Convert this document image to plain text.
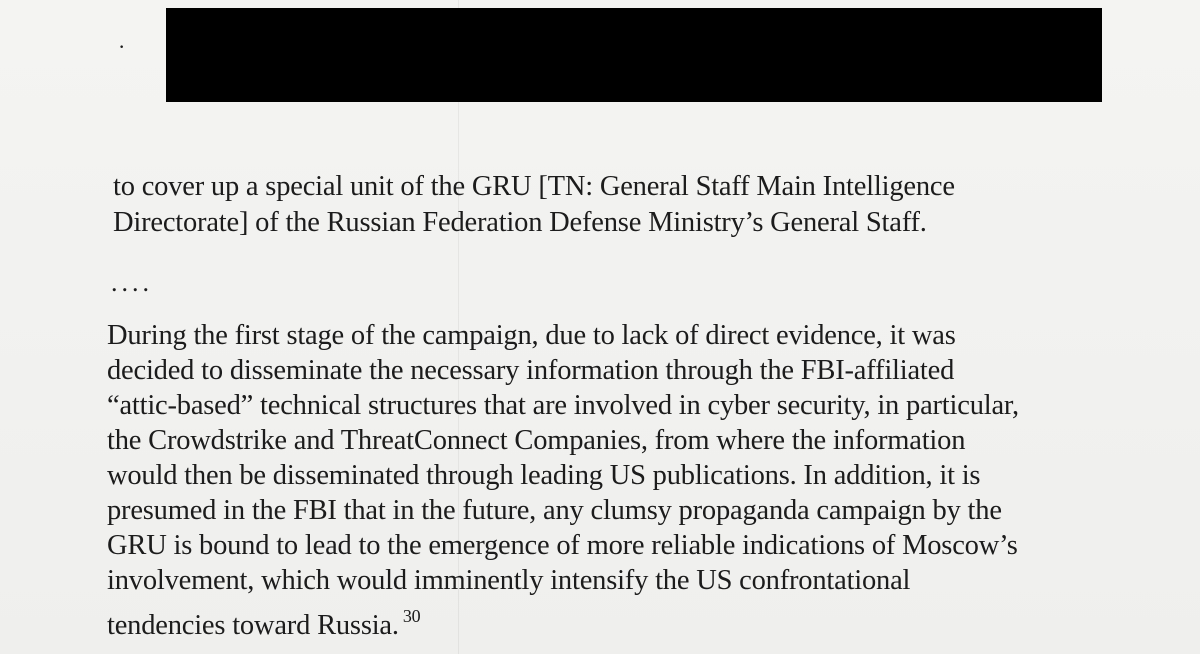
·
to cover up a special unit of the GRU [TN: General Staff Main Intelligence
Directorate] of the Russian Federation Defense Ministry’s General Staff.
....
During the first stage of the campaign, due to lack of direct evidence, it was
decided to disseminate the necessary information through the FBI-affiliated
“attic-based” technical structures that are involved in cyber security, in particular,
the Crowdstrike and ThreatConnect Companies, from where the information
would then be disseminated through leading US publications. In addition, it is
presumed in the FBI that in the future, any clumsy propaganda campaign by the
GRU is bound to lead to the emergence of more reliable indications of Moscow’s
involvement, which would imminently intensify the US confrontational
tendencies toward Russia. $^{30}$
